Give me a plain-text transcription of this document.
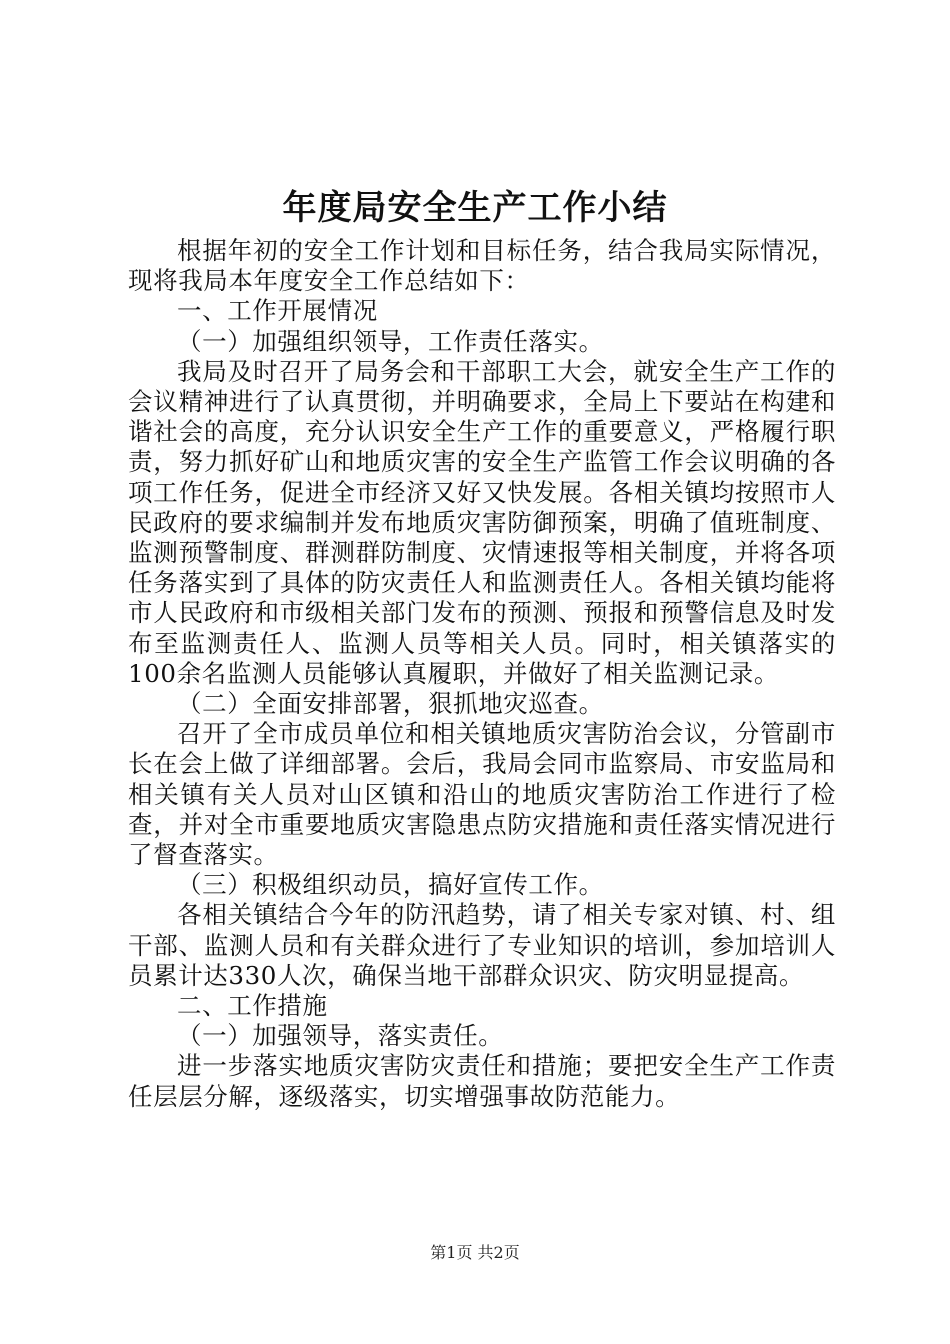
年度局安全生产工作小结

根据年初的安全工作计划和目标任务，结合我局实际情况，现将我局本年度安全工作总结如下：

一、工作开展情况

（一）加强组织领导，工作责任落实。

我局及时召开了局务会和干部职工大会，就安全生产工作的会议精神进行了认真贯彻，并明确要求，全局上下要站在构建和谐社会的高度，充分认识安全生产工作的重要意义，严格履行职责，努力抓好矿山和地质灾害的安全生产监管工作会议明确的各项工作任务，促进全市经济又好又快发展。各相关镇均按照市人民政府的要求编制并发布地质灾害防御预案，明确了值班制度、监测预警制度、群测群防制度、灾情速报等相关制度，并将各项任务落实到了具体的防灾责任人和监测责任人。各相关镇均能将市人民政府和市级相关部门发布的预测、预报和预警信息及时发布至监测责任人、监测人员等相关人员。同时，相关镇落实的100余名监测人员能够认真履职，并做好了相关监测记录。

（二）全面安排部署，狠抓地灾巡查。

召开了全市成员单位和相关镇地质灾害防治会议，分管副市长在会上做了详细部署。会后，我局会同市监察局、市安监局和相关镇有关人员对山区镇和沿山的地质灾害防治工作进行了检查，并对全市重要地质灾害隐患点防灾措施和责任落实情况进行了督查落实。

（三）积极组织动员，搞好宣传工作。

各相关镇结合今年的防汛趋势，请了相关专家对镇、村、组干部、监测人员和有关群众进行了专业知识的培训，参加培训人员累计达330人次，确保当地干部群众识灾、防灾明显提高。

二、工作措施

（一）加强领导，落实责任。

进一步落实地质灾害防灾责任和措施；要把安全生产工作责任层层分解，逐级落实，切实增强事故防范能力。

第1页 共2页
